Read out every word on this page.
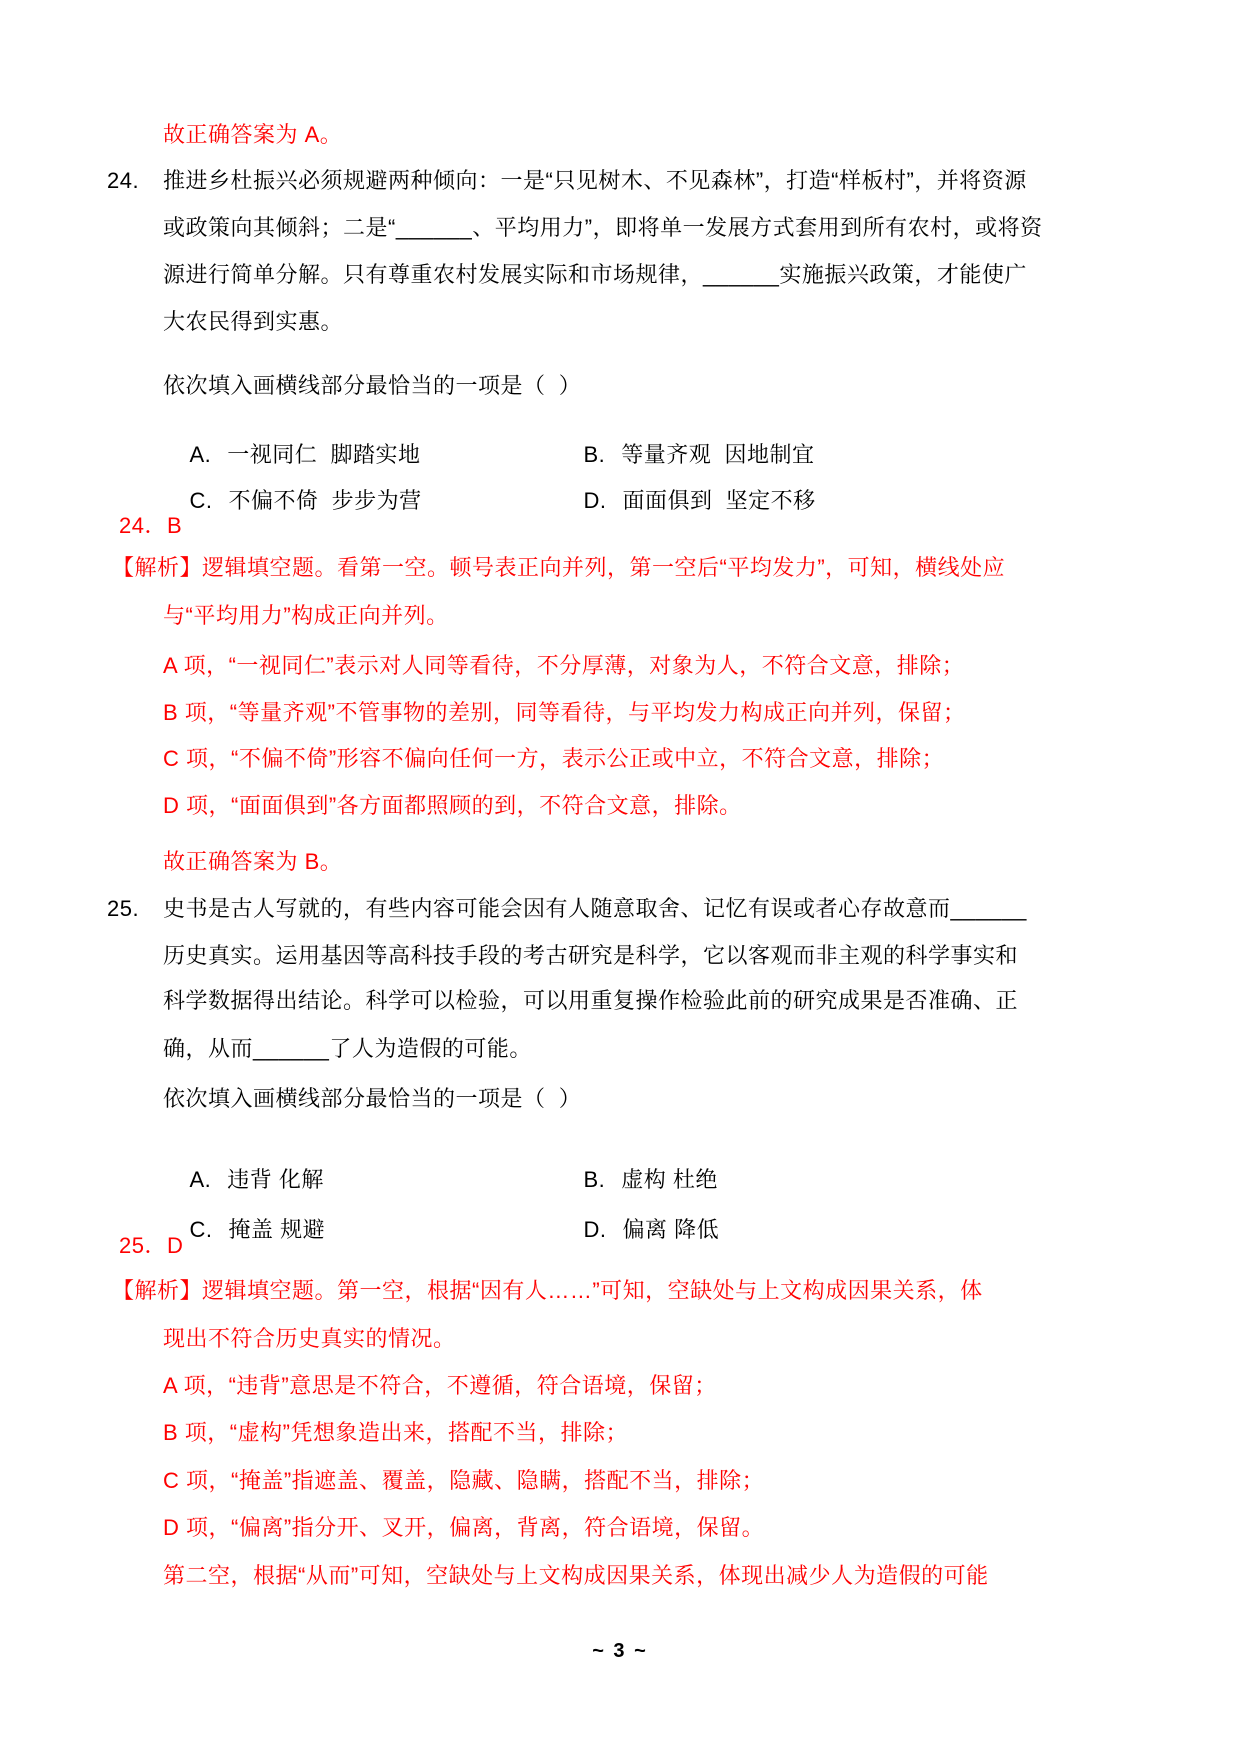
故正确答案为 A。
24. 推进乡杜振兴必须规避两种倾向：一是“只见树木、不见森林”，打造“样板村”，并将资源
或政策向其倾斜；二是“______、平均用力”，即将单一发展方式套用到所有农村，或将资
源进行简单分解。只有尊重农村发展实际和市场规律，______实施振兴政策，才能使广
大农民得到实惠。
依次填入画横线部分最恰当的一项是（  ）

A. 一视同仁  脚踏实地
	B. 等量齐观  因地制宜

C. 不偏不倚  步步为营
	D. 面面俱到  坚定不移

24．B
【解析】逻辑填空题。看第一空。顿号表正向并列，第一空后“平均发力”，可知，横线处应
与“平均用力”构成正向并列。
A 项，“一视同仁”表示对人同等看待，不分厚薄，对象为人，不符合文意，排除；
B 项，“等量齐观”不管事物的差别，同等看待，与平均发力构成正向并列，保留；
C 项，“不偏不倚”形容不偏向任何一方，表示公正或中立，不符合文意，排除；
D 项，“面面俱到”各方面都照顾的到，不符合文意，排除。
故正确答案为 B。
25. 史书是古人写就的，有些内容可能会因有人随意取舍、记忆有误或者心存故意而______
历史真实。运用基因等高科技手段的考古研究是科学，它以客观而非主观的科学事实和
科学数据得出结论。科学可以检验，可以用重复操作检验此前的研究成果是否准确、正
确，从而______了人为造假的可能。
依次填入画横线部分最恰当的一项是（  ）

A. 违背 化解
	B. 虚构 杜绝

C. 掩盖 规避
	D. 偏离 降低

25．D
【解析】逻辑填空题。第一空，根据“因有人……”可知，空缺处与上文构成因果关系，体
现出不符合历史真实的情况。
A 项，“违背”意思是不符合，不遵循，符合语境，保留；
B 项，“虚构”凭想象造出来，搭配不当，排除；
C 项，“掩盖”指遮盖、覆盖，隐藏、隐瞒，搭配不当，排除；
D 项，“偏离”指分开、叉开，偏离，背离，符合语境，保留。
第二空，根据“从而”可知，空缺处与上文构成因果关系，体现出减少人为造假的可能
~ 3 ~
